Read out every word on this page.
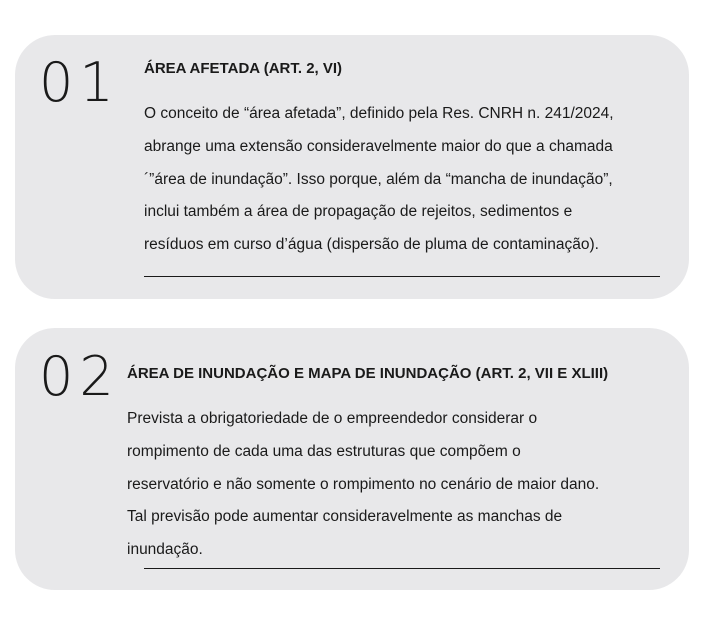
01 ÁREA AFETADA (ART. 2, VI)
O conceito de “área afetada”, definido pela Res. CNRH n. 241/2024,
abrange uma extensão consideravelmente maior do que a chamada
´”área de inundação”. Isso porque, além da “mancha de inundação”,
inclui também a área de propagação de rejeitos, sedimentos e
resíduos em curso d’água (dispersão de pluma de contaminação).
02 ÁREA DE INUNDAÇÃO E MAPA DE INUNDAÇÃO (ART. 2, VII E XLIII)
Prevista a obrigatoriedade de o empreendedor considerar o
rompimento de cada uma das estruturas que compõem o
reservatório e não somente o rompimento no cenário de maior dano.
Tal previsão pode aumentar consideravelmente as manchas de
inundação.
